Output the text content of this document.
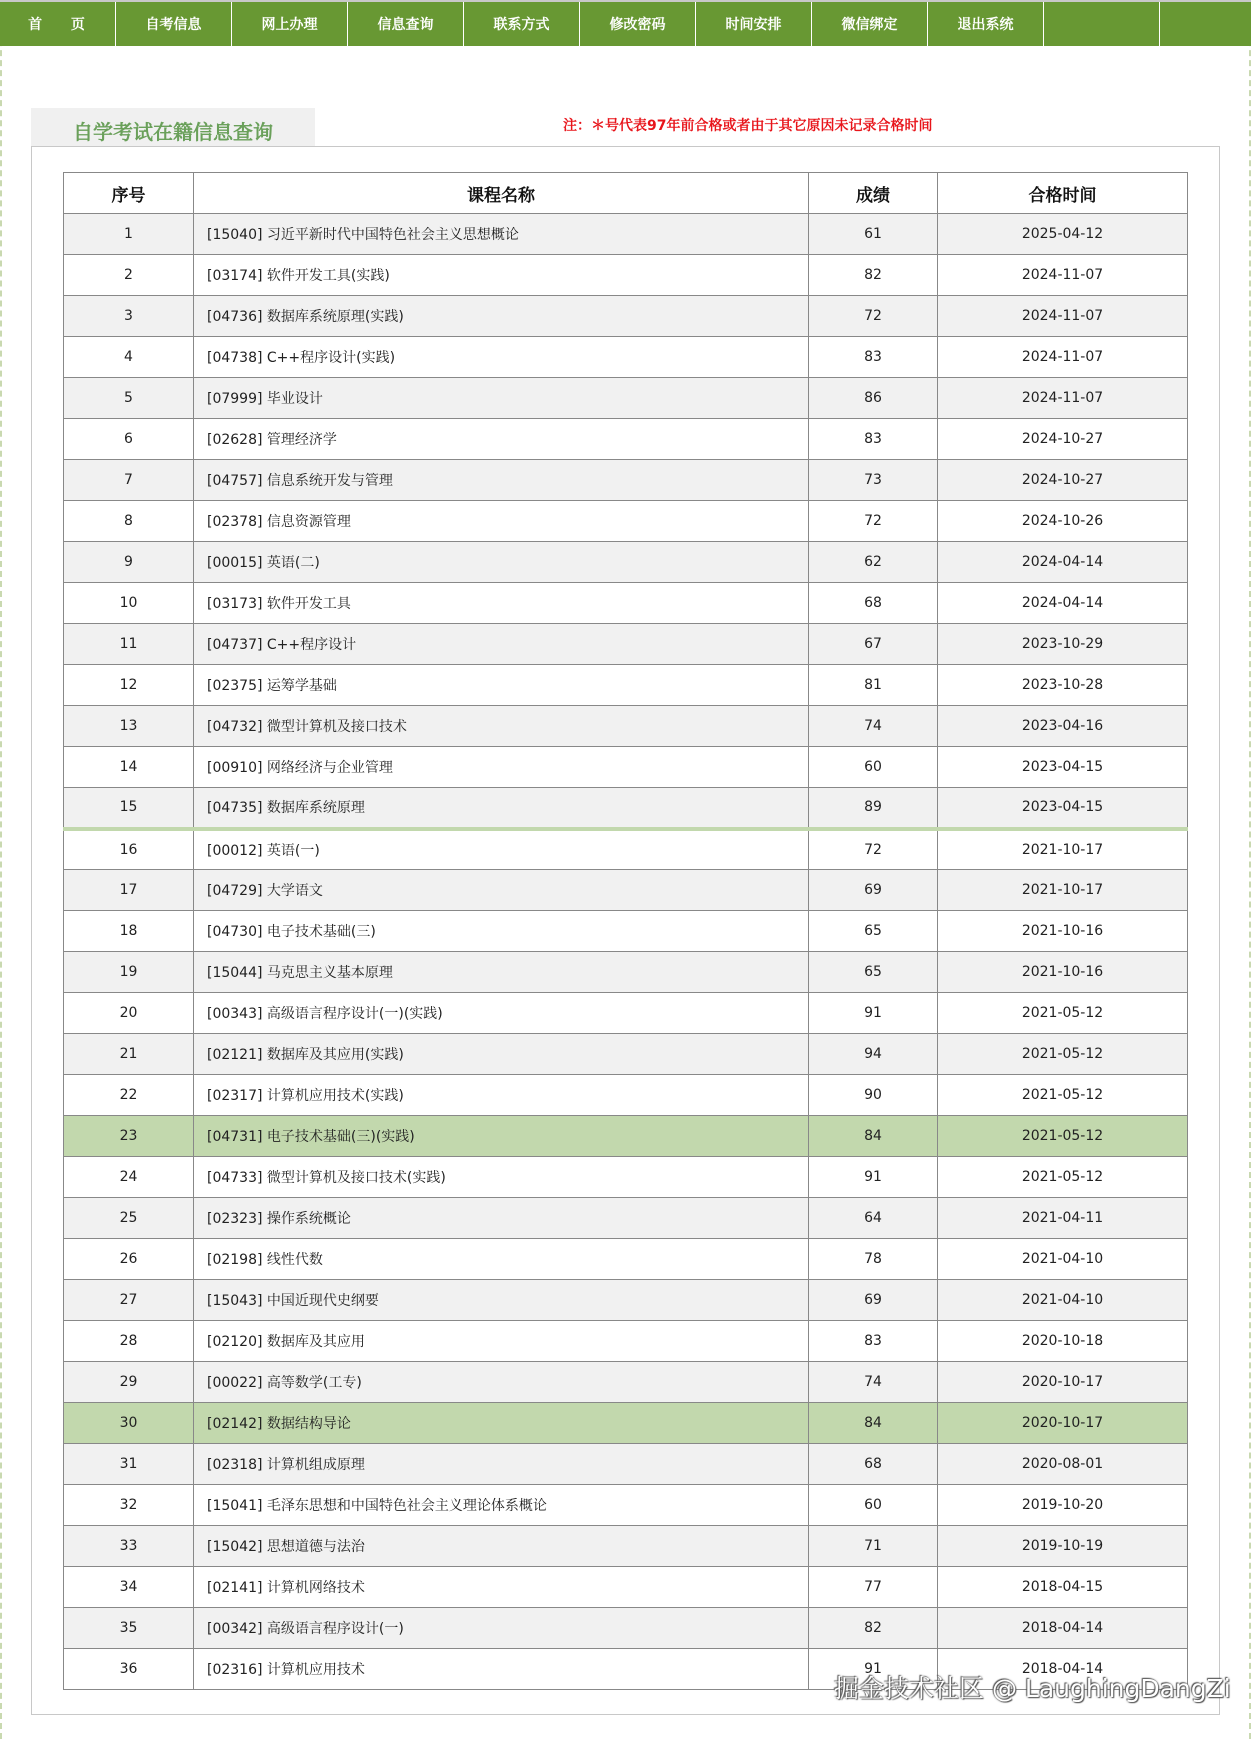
首 页	自考信息	网上办理	信息查询	联系方式	修改密码	时间安排	微信绑定	退出系统
自学考试在籍信息查询	注：＊号代表97年前合格或者由于其它原因未记录合格时间
序号	课程名称	成绩	合格时间
1	[15040] 习近平新时代中国特色社会主义思想概论	61	2025-04-12
2	[03174] 软件开发工具(实践)	82	2024-11-07
3	[04736] 数据库系统原理(实践)	72	2024-11-07
4	[04738] C++程序设计(实践)	83	2024-11-07
5	[07999] 毕业设计	86	2024-11-07
6	[02628] 管理经济学	83	2024-10-27
7	[04757] 信息系统开发与管理	73	2024-10-27
8	[02378] 信息资源管理	72	2024-10-26
9	[00015] 英语(二)	62	2024-04-14
10	[03173] 软件开发工具	68	2024-04-14
11	[04737] C++程序设计	67	2023-10-29
12	[02375] 运筹学基础	81	2023-10-28
13	[04732] 微型计算机及接口技术	74	2023-04-16
14	[00910] 网络经济与企业管理	60	2023-04-15
15	[04735] 数据库系统原理	89	2023-04-15
16	[00012] 英语(一)	72	2021-10-17
17	[04729] 大学语文	69	2021-10-17
18	[04730] 电子技术基础(三)	65	2021-10-16
19	[15044] 马克思主义基本原理	65	2021-10-16
20	[00343] 高级语言程序设计(一)(实践)	91	2021-05-12
21	[02121] 数据库及其应用(实践)	94	2021-05-12
22	[02317] 计算机应用技术(实践)	90	2021-05-12
23	[04731] 电子技术基础(三)(实践)	84	2021-05-12
24	[04733] 微型计算机及接口技术(实践)	91	2021-05-12
25	[02323] 操作系统概论	64	2021-04-11
26	[02198] 线性代数	78	2021-04-10
27	[15043] 中国近现代史纲要	69	2021-04-10
28	[02120] 数据库及其应用	83	2020-10-18
29	[00022] 高等数学(工专)	74	2020-10-17
30	[02142] 数据结构导论	84	2020-10-17
31	[02318] 计算机组成原理	68	2020-08-01
32	[15041] 毛泽东思想和中国特色社会主义理论体系概论	60	2019-10-20
33	[15042] 思想道德与法治	71	2019-10-19
34	[02141] 计算机网络技术	77	2018-04-15
35	[00342] 高级语言程序设计(一)	82	2018-04-14
36	[02316] 计算机应用技术	91	2018-04-14
掘金技术社区 @ LaughingDangZi
